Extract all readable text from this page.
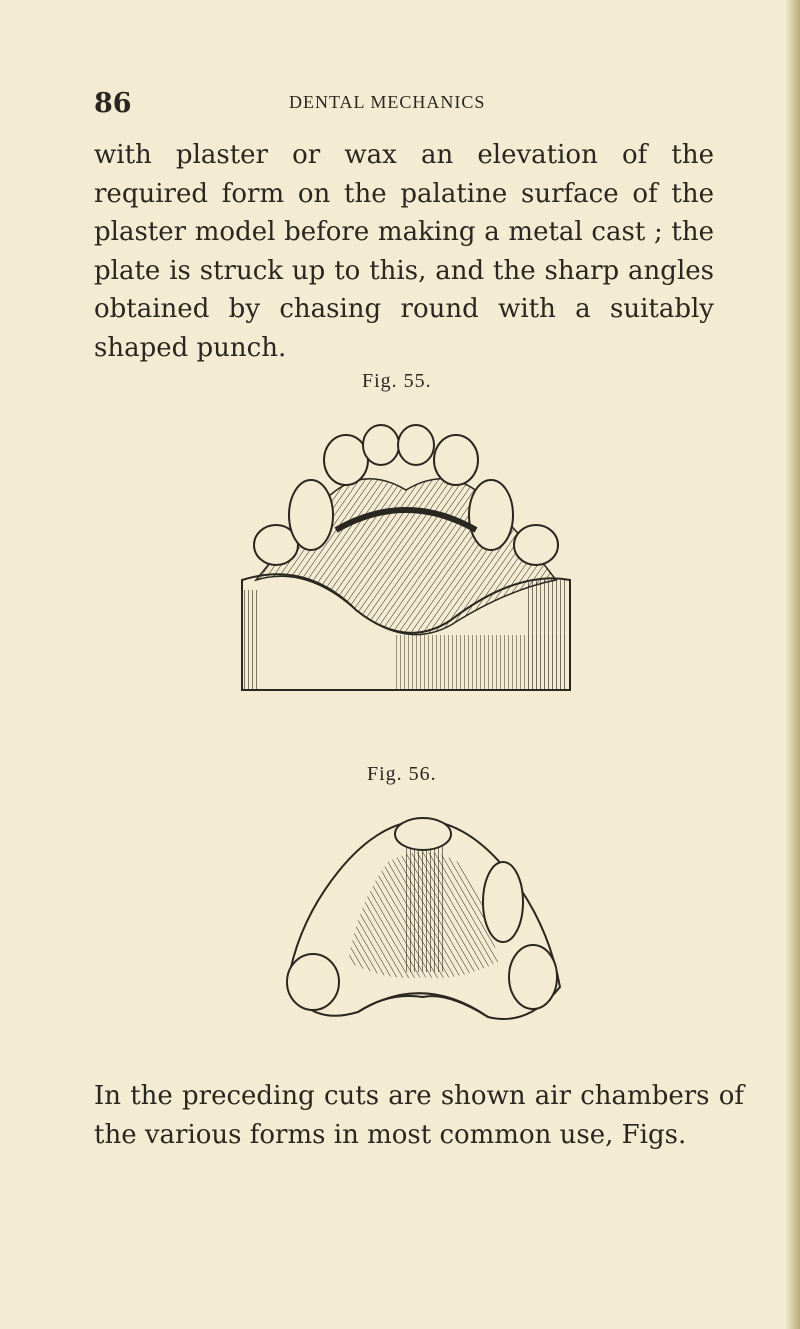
86	DENTAL MECHANICS
with plaster or wax an elevation of the required form on the palatine surface of the plaster model before making a metal cast ; the plate is struck up to this, and the sharp angles obtained by chasing round with a suitably shaped punch.
Fig. 55.
Fig. 56.
In the preceding cuts are shown air chambers of the various forms in most common use, Figs.
